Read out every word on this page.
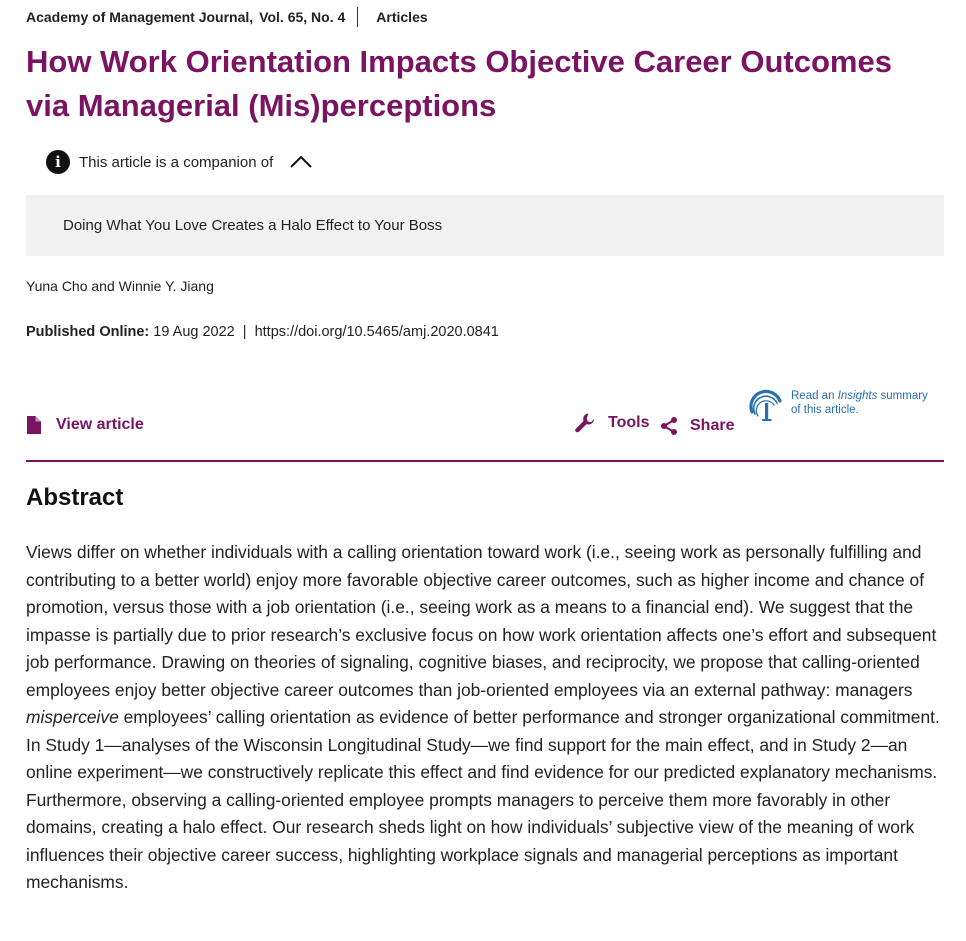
Academy of Management Journal, Vol. 65, No. 4 Articles
How Work Orientation Impacts Objective Career Outcomes via Managerial (Mis)perceptions
i	This article is a companion of
Doing What You Love Creates a Halo Effect to Your Boss
Yuna Cho and Winnie Y. Jiang
Published Online: 19 Aug 2022 | https://doi.org/10.5465/amj.2020.0841
View article	Tools	Share
Read an Insights summary
of this article.
Abstract

Views differ on whether individuals with a calling orientation toward work (i.e., seeing work as personally fulfilling and contributing to a better world) enjoy more favorable objective career outcomes, such as higher income and chance of promotion, versus those with a job orientation (i.e., seeing work as a means to a financial end). We suggest that the impasse is partially due to prior research’s exclusive focus on how work orientation affects one’s effort and subsequent job performance. Drawing on theories of signaling, cognitive biases, and reciprocity, we propose that calling-oriented employees enjoy better objective career outcomes than job-oriented employees via an external pathway: managers misperceive employees’ calling orientation as evidence of better performance and stronger organizational commitment. In Study 1—analyses of the Wisconsin Longitudinal Study—we find support for the main effect, and in Study 2—an online experiment—we constructively replicate this effect and find evidence for our predicted explanatory mechanisms. Furthermore, observing a calling-oriented employee prompts managers to perceive them more favorably in other domains, creating a halo effect. Our research sheds light on how individuals’ subjective view of the meaning of work influences their objective career success, highlighting workplace signals and managerial perceptions as important mechanisms.
